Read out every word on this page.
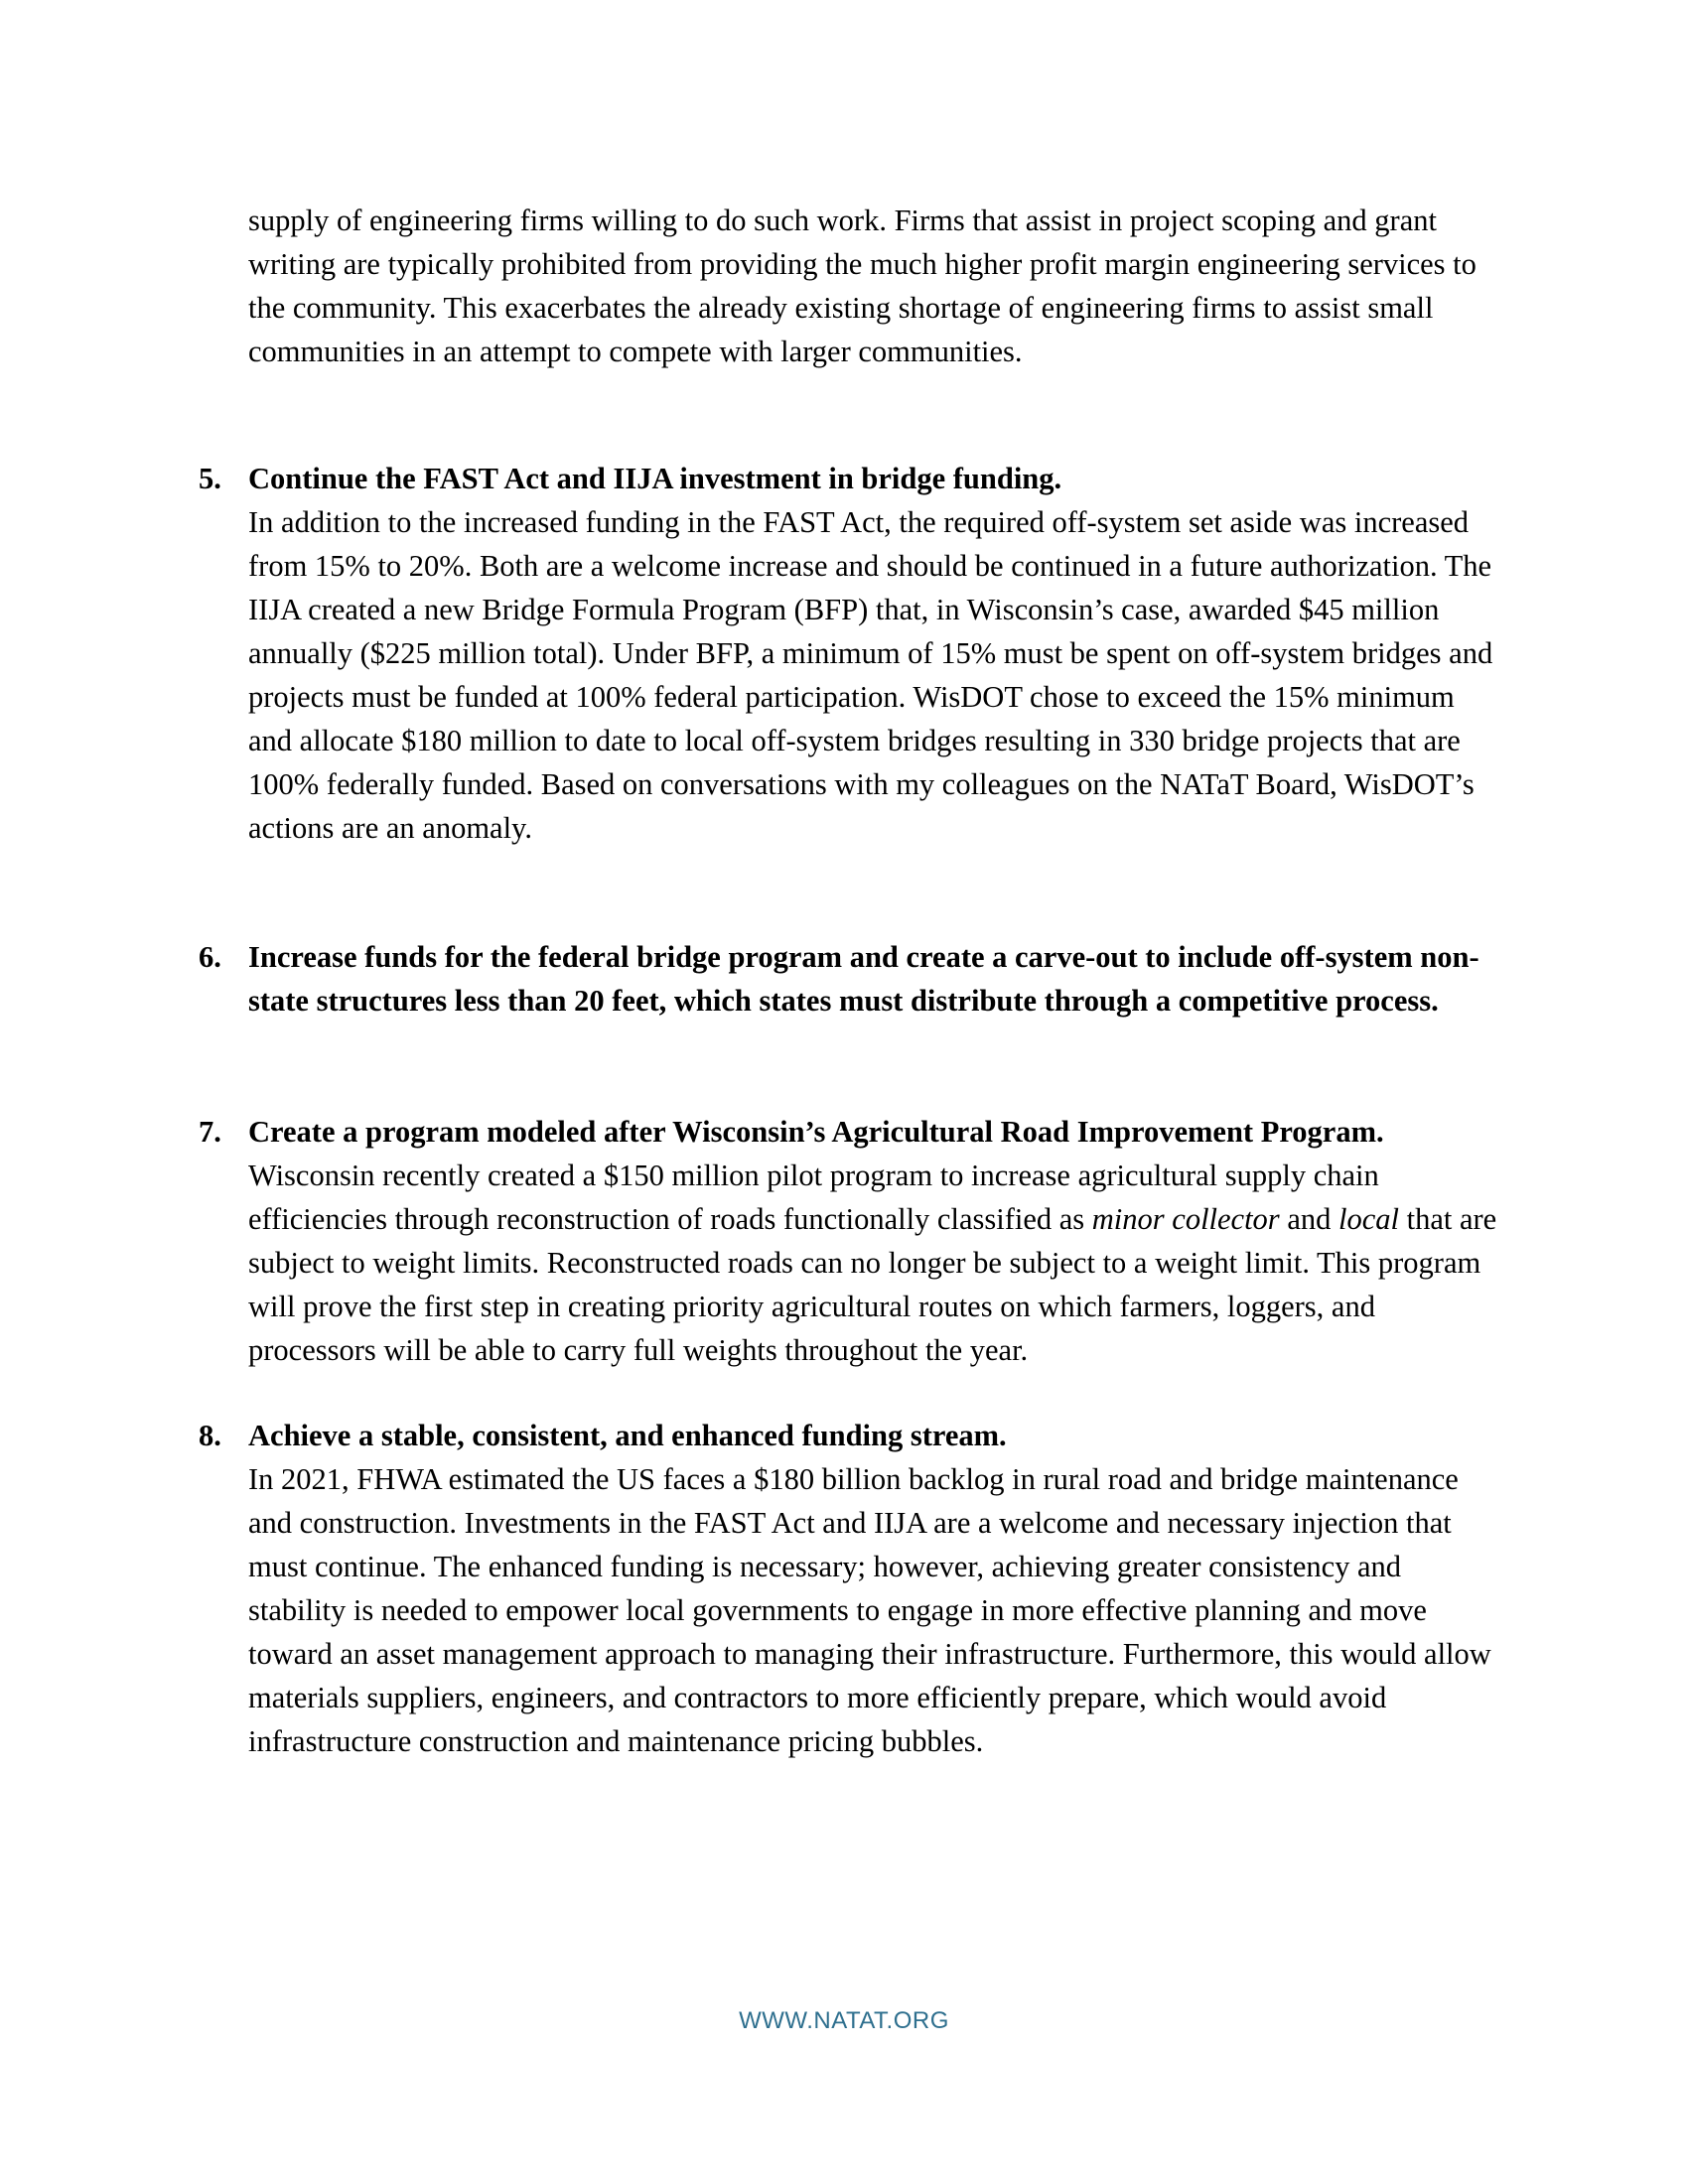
supply of engineering firms willing to do such work. Firms that assist in project scoping and grant writing are typically prohibited from providing the much higher profit margin engineering services to the community. This exacerbates the already existing shortage of engineering firms to assist small communities in an attempt to compete with larger communities.
5. Continue the FAST Act and IIJA investment in bridge funding.

In addition to the increased funding in the FAST Act, the required off-system set aside was increased from 15% to 20%. Both are a welcome increase and should be continued in a future authorization. The IIJA created a new Bridge Formula Program (BFP) that, in Wisconsin’s case, awarded $45 million annually ($225 million total). Under BFP, a minimum of 15% must be spent on off-system bridges and projects must be funded at 100% federal participation. WisDOT chose to exceed the 15% minimum and allocate $180 million to date to local off-system bridges resulting in 330 bridge projects that are 100% federally funded. Based on conversations with my colleagues on the NATaT Board, WisDOT’s actions are an anomaly.

6. Increase funds for the federal bridge program and create a carve-out to include off-system non-state structures less than 20 feet, which states must distribute through a competitive process.
7. Create a program modeled after Wisconsin’s Agricultural Road Improvement Program.

Wisconsin recently created a $150 million pilot program to increase agricultural supply chain efficiencies through reconstruction of roads functionally classified as minor collector and local that are subject to weight limits. Reconstructed roads can no longer be subject to a weight limit. This program will prove the first step in creating priority agricultural routes on which farmers, loggers, and processors will be able to carry full weights throughout the year.

8. Achieve a stable, consistent, and enhanced funding stream.

In 2021, FHWA estimated the US faces a $180 billion backlog in rural road and bridge maintenance and construction. Investments in the FAST Act and IIJA are a welcome and necessary injection that must continue. The enhanced funding is necessary; however, achieving greater consistency and stability is needed to empower local governments to engage in more effective planning and move toward an asset management approach to managing their infrastructure. Furthermore, this would allow materials suppliers, engineers, and contractors to more efficiently prepare, which would avoid infrastructure construction and maintenance pricing bubbles.

WWW.NATAT.ORG
